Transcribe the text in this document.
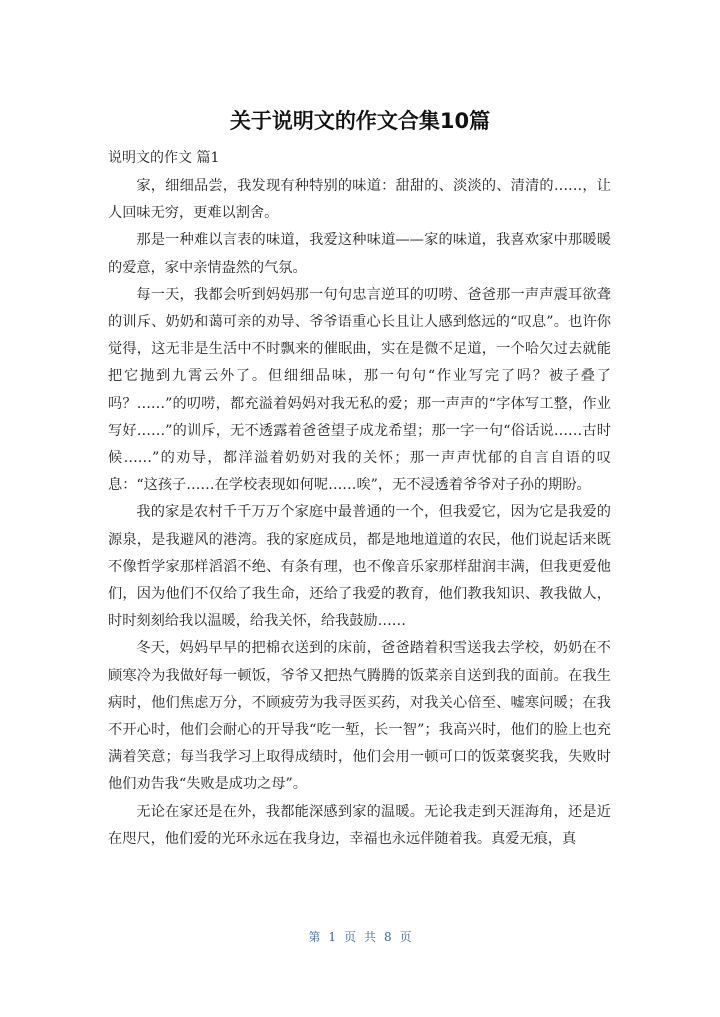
关于说明文的作文合集10篇
说明文的作文 篇1

家，细细品尝，我发现有种特别的味道：甜甜的、淡淡的、清清的……，让人回味无穷，更难以割舍。

那是一种难以言表的味道，我爱这种味道——家的味道，我喜欢家中那暖暖的爱意，家中亲情盎然的气氛。

每一天，我都会听到妈妈那一句句忠言逆耳的叨唠、爸爸那一声声震耳欲聋的训斥、奶奶和蔼可亲的劝导、爷爷语重心长且让人感到悠远的“叹息”。也许你觉得，这无非是生活中不时飘来的催眠曲，实在是微不足道，一个哈欠过去就能把它抛到九霄云外了。但细细品味，那一句句“作业写完了吗？被子叠了吗？……”的叨唠，都充溢着妈妈对我无私的爱；那一声声的“字体写工整，作业写好……”的训斥，无不透露着爸爸望子成龙希望；那一字一句“俗话说……古时候……”的劝导，都洋溢着奶奶对我的关怀；那一声声忧郁的自言自语的叹息：“这孩子……在学校表现如何呢……唉”，无不浸透着爷爷对子孙的期盼。

我的家是农村千千万万个家庭中最普通的一个，但我爱它，因为它是我爱的源泉，是我避风的港湾。我的家庭成员，都是地地道道的农民，他们说起话来既不像哲学家那样滔滔不绝、有条有理，也不像音乐家那样甜润丰满，但我更爱他们，因为他们不仅给了我生命，还给了我爱的教育，他们教我知识、教我做人，时时刻刻给我以温暖，给我关怀，给我鼓励……

冬天，妈妈早早的把棉衣送到的床前，爸爸踏着积雪送我去学校，奶奶在不顾寒冷为我做好每一顿饭，爷爷又把热气腾腾的饭菜亲自送到我的面前。在我生病时，他们焦虑万分，不顾疲劳为我寻医买药，对我关心倍至、嘘寒问暖；在我不开心时，他们会耐心的开导我“吃一堑，长一智”；我高兴时，他们的脸上也充满着笑意；每当我学习上取得成绩时，他们会用一顿可口的饭菜褒奖我，失败时他们劝告我“失败是成功之母”。

无论在家还是在外，我都能深感到家的温暖。无论我走到天涯海角，还是近在咫尺，他们爱的光环永远在我身边，幸福也永远伴随着我。真爱无痕，真

第 1 页 共 8 页
